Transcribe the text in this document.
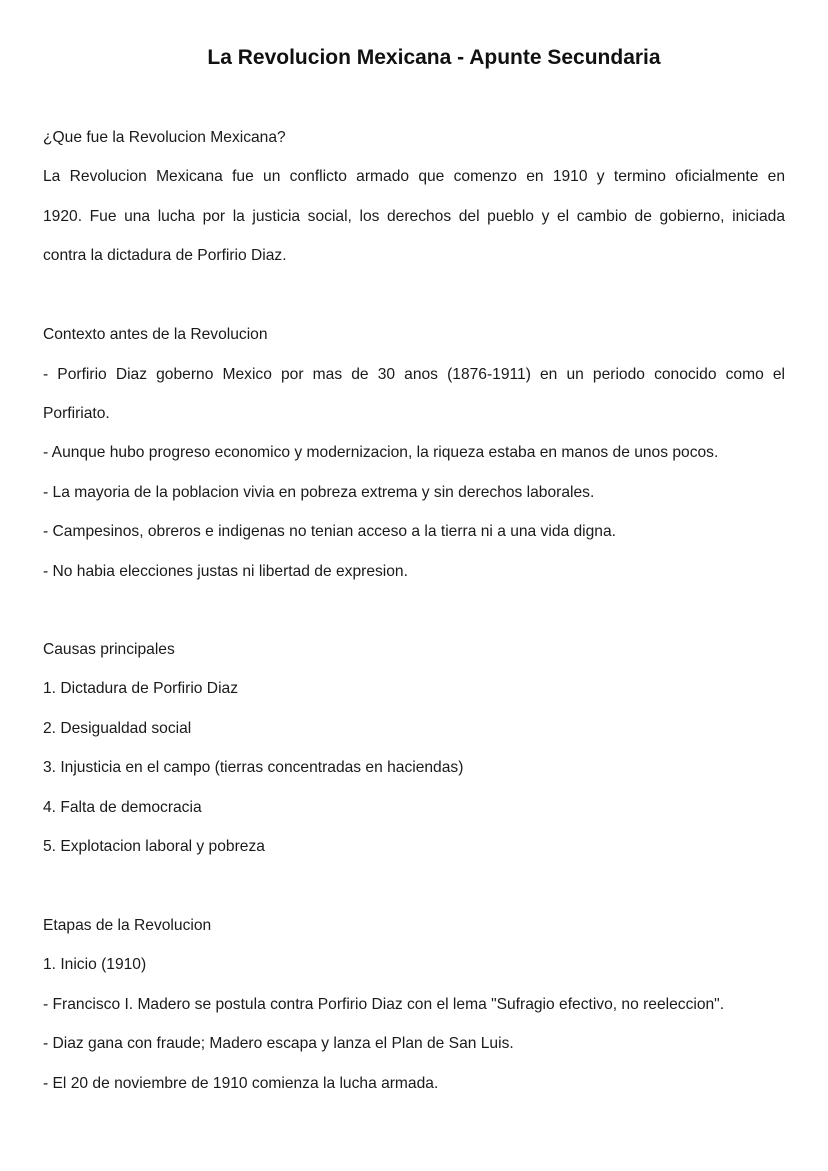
La Revolucion Mexicana - Apunte Secundaria
¿Que fue la Revolucion Mexicana?
La Revolucion Mexicana fue un conflicto armado que comenzo en 1910 y termino oficialmente en
1920. Fue una lucha por la justicia social, los derechos del pueblo y el cambio de gobierno, iniciada
contra la dictadura de Porfirio Diaz.
Contexto antes de la Revolucion
- Porfirio Diaz goberno Mexico por mas de 30 anos (1876-1911) en un periodo conocido como el
Porfiriato.
- Aunque hubo progreso economico y modernizacion, la riqueza estaba en manos de unos pocos.
- La mayoria de la poblacion vivia en pobreza extrema y sin derechos laborales.
- Campesinos, obreros e indigenas no tenian acceso a la tierra ni a una vida digna.
- No habia elecciones justas ni libertad de expresion.
Causas principales
1. Dictadura de Porfirio Diaz
2. Desigualdad social
3. Injusticia en el campo (tierras concentradas en haciendas)
4. Falta de democracia
5. Explotacion laboral y pobreza
Etapas de la Revolucion
1. Inicio (1910)
- Francisco I. Madero se postula contra Porfirio Diaz con el lema "Sufragio efectivo, no reeleccion".
- Diaz gana con fraude; Madero escapa y lanza el Plan de San Luis.
- El 20 de noviembre de 1910 comienza la lucha armada.
